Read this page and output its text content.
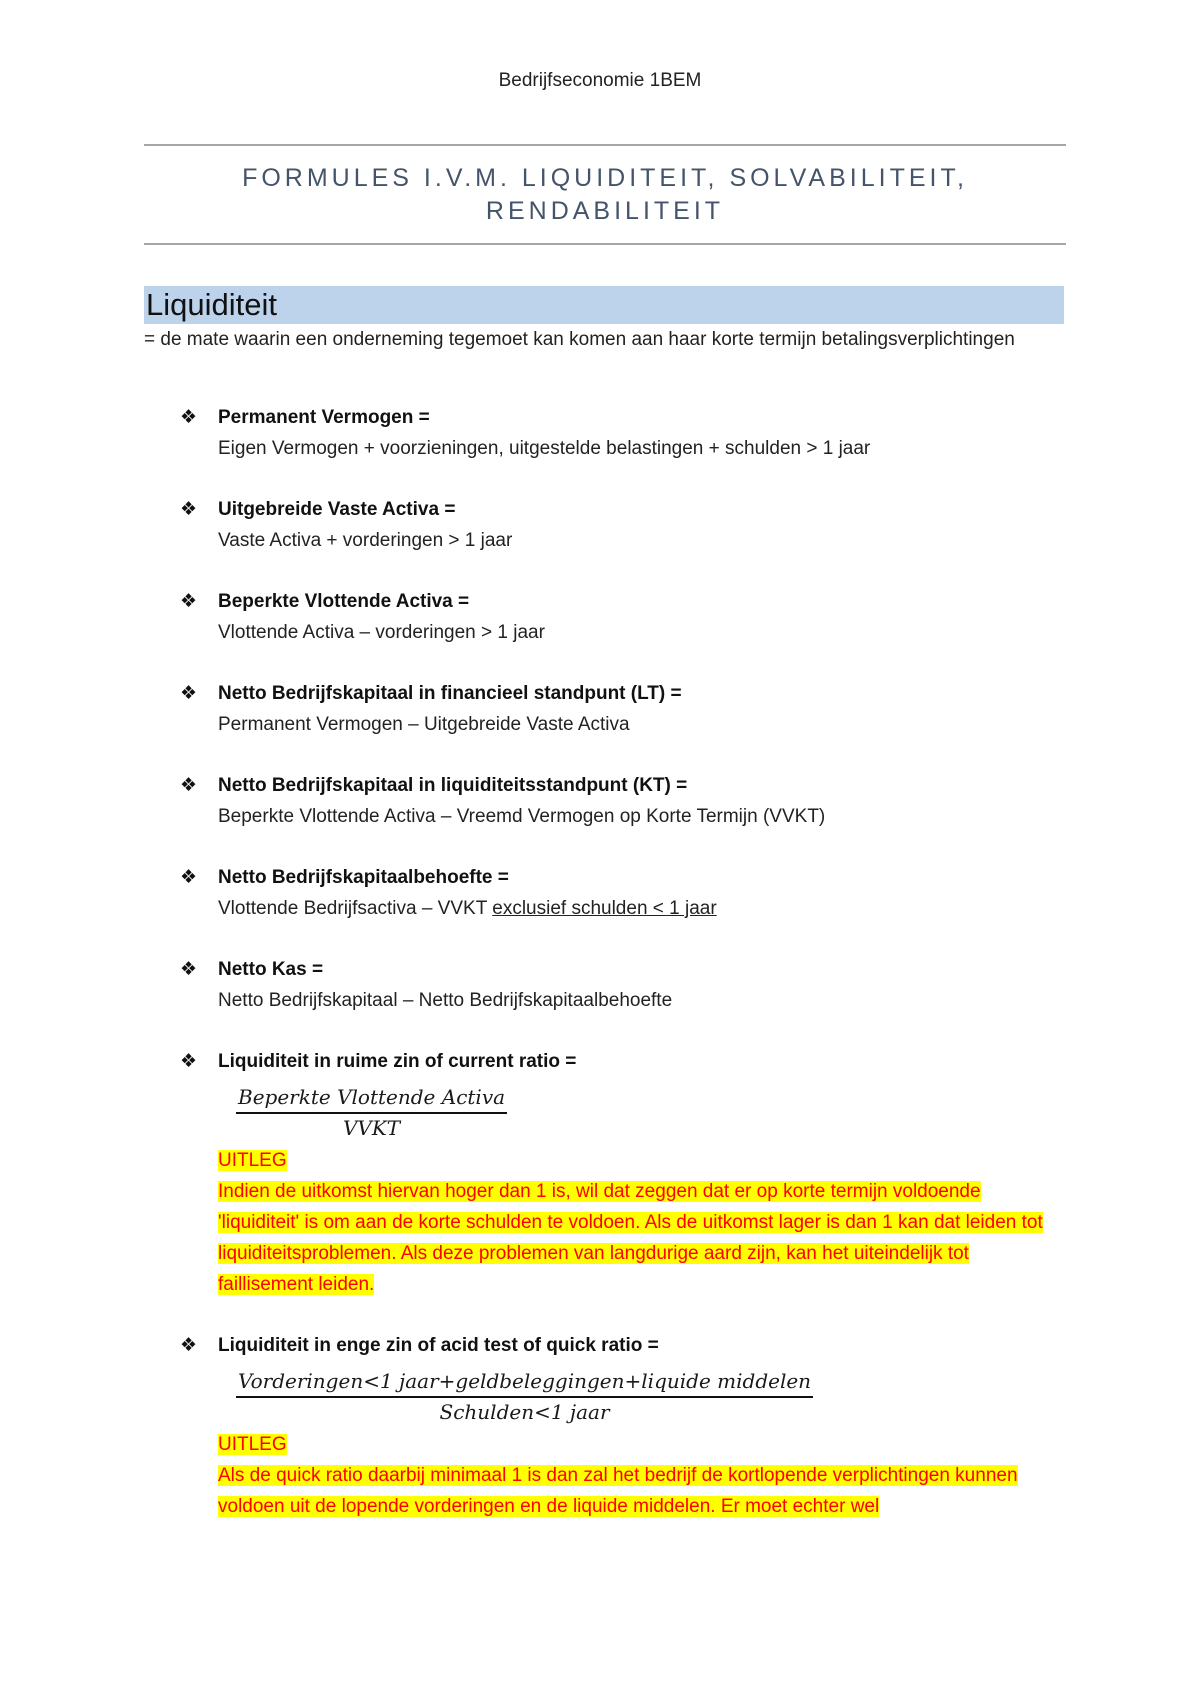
Bedrijfseconomie 1BEM
FORMULES I.V.M. LIQUIDITEIT, SOLVABILITEIT,
RENDABILITEIT
Liquiditeit
= de mate waarin een onderneming tegemoet kan komen aan haar korte termijn betalingsverplichtingen
❖ Permanent Vermogen =
Eigen Vermogen + voorzieningen, uitgestelde belastingen + schulden > 1 jaar
❖ Uitgebreide Vaste Activa =
Vaste Activa + vorderingen > 1 jaar
❖ Beperkte Vlottende Activa =
Vlottende Activa – vorderingen > 1 jaar
❖ Netto Bedrijfskapitaal in financieel standpunt (LT) =
Permanent Vermogen – Uitgebreide Vaste Activa
❖ Netto Bedrijfskapitaal in liquiditeitsstandpunt (KT) =
Beperkte Vlottende Activa – Vreemd Vermogen op Korte Termijn (VVKT)
❖ Netto Bedrijfskapitaalbehoefte =
Vlottende Bedrijfsactiva – VVKT exclusief schulden < 1 jaar
❖ Netto Kas =
Netto Bedrijfskapitaal – Netto Bedrijfskapitaalbehoefte
❖ Liquiditeit in ruime zin of current ratio =
$\frac{\text{Beperkte Vlottende Activa}}{\text{VVKT}}$
UITLEG
Indien de uitkomst hiervan hoger dan 1 is, wil dat zeggen dat er op korte termijn voldoende 'liquiditeit' is om aan de korte schulden te voldoen. Als de uitkomst lager is dan 1 kan dat leiden tot liquiditeitsproblemen. Als deze problemen van langdurige aard zijn, kan het uiteindelijk tot faillisement leiden.
❖ Liquiditeit in enge zin of acid test of quick ratio =
$\frac{\text{Vorderingen<1 jaar+geldbeleggingen+liquide middelen}}{\text{Schulden<1 jaar}}$
UITLEG
Als de quick ratio daarbij minimaal 1 is dan zal het bedrijf de kortlopende verplichtingen kunnen voldoen uit de lopende vorderingen en de liquide middelen. Er moet echter wel
